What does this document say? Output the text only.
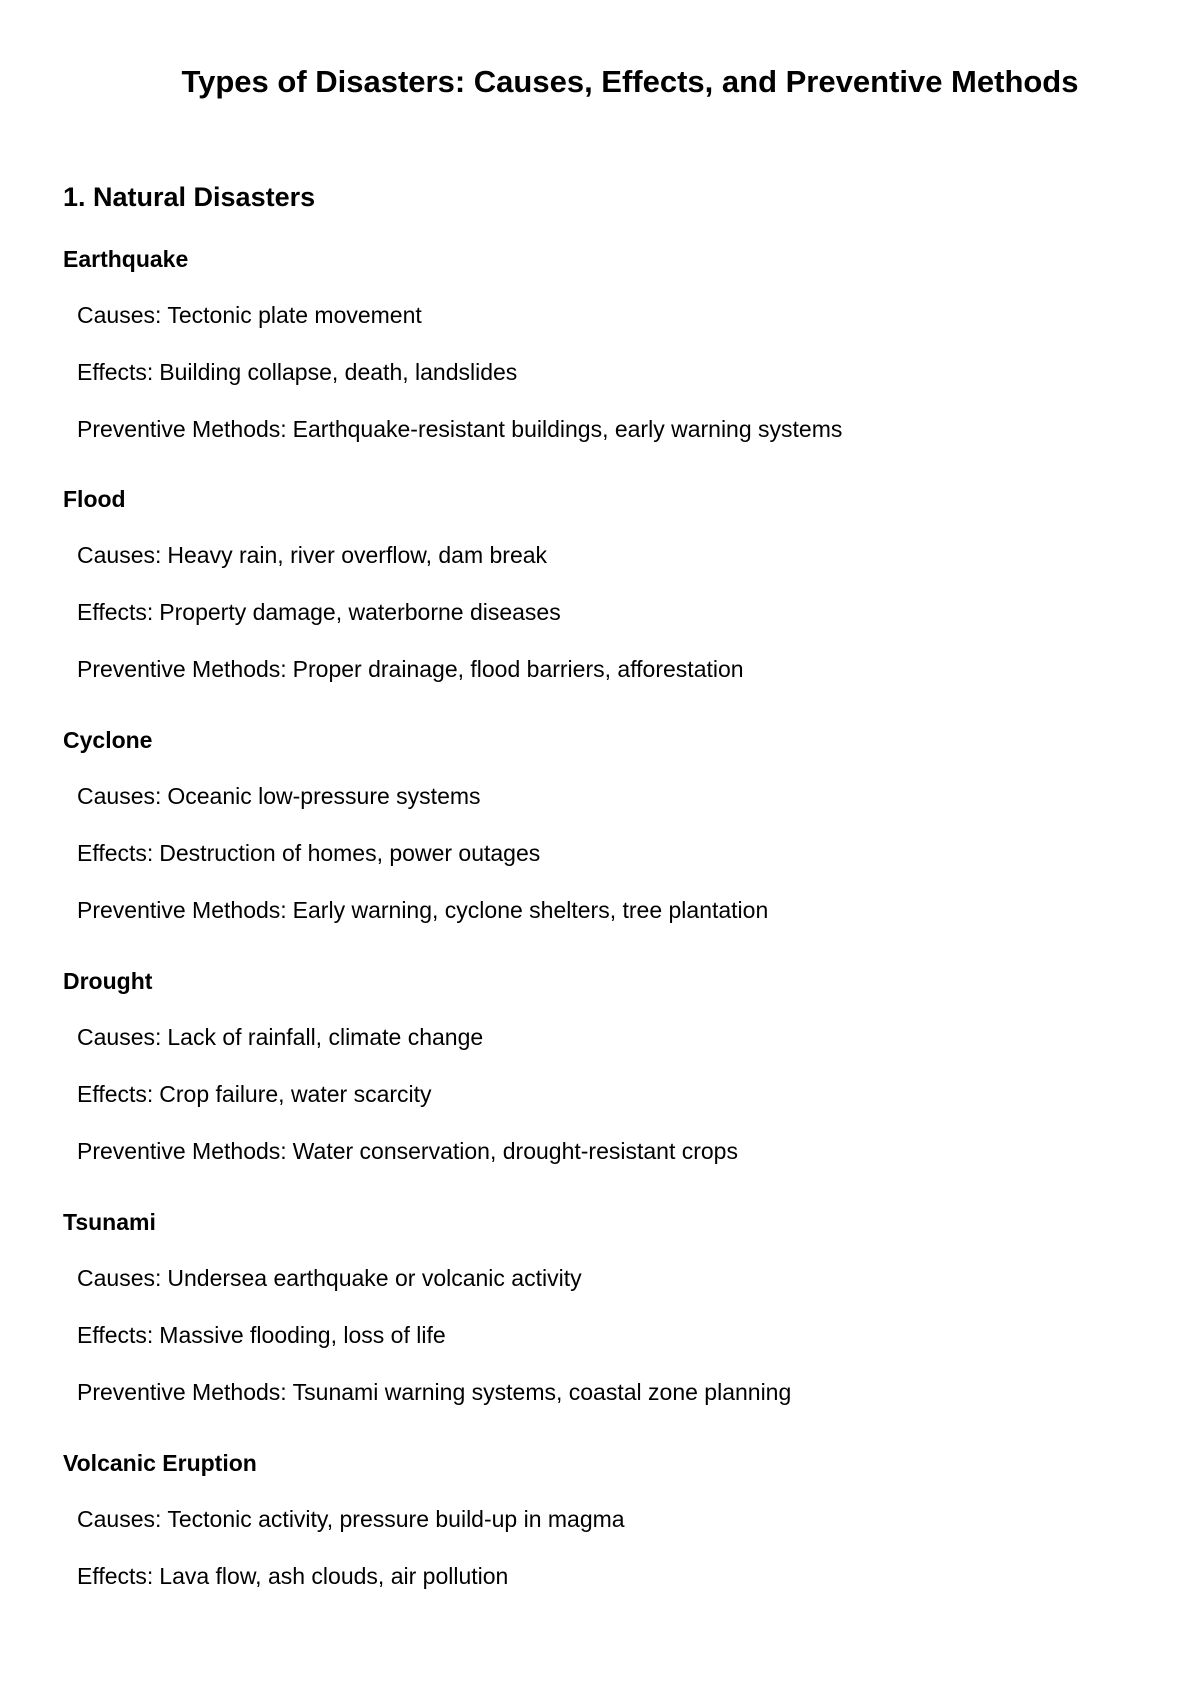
Types of Disasters: Causes, Effects, and Preventive Methods
1. Natural Disasters
Earthquake

Causes: Tectonic plate movement

Effects: Building collapse, death, landslides

Preventive Methods: Earthquake-resistant buildings, early warning systems

Flood

Causes: Heavy rain, river overflow, dam break

Effects: Property damage, waterborne diseases

Preventive Methods: Proper drainage, flood barriers, afforestation

Cyclone

Causes: Oceanic low-pressure systems

Effects: Destruction of homes, power outages

Preventive Methods: Early warning, cyclone shelters, tree plantation

Drought

Causes: Lack of rainfall, climate change

Effects: Crop failure, water scarcity

Preventive Methods: Water conservation, drought-resistant crops

Tsunami

Causes: Undersea earthquake or volcanic activity

Effects: Massive flooding, loss of life

Preventive Methods: Tsunami warning systems, coastal zone planning

Volcanic Eruption

Causes: Tectonic activity, pressure build-up in magma

Effects: Lava flow, ash clouds, air pollution
